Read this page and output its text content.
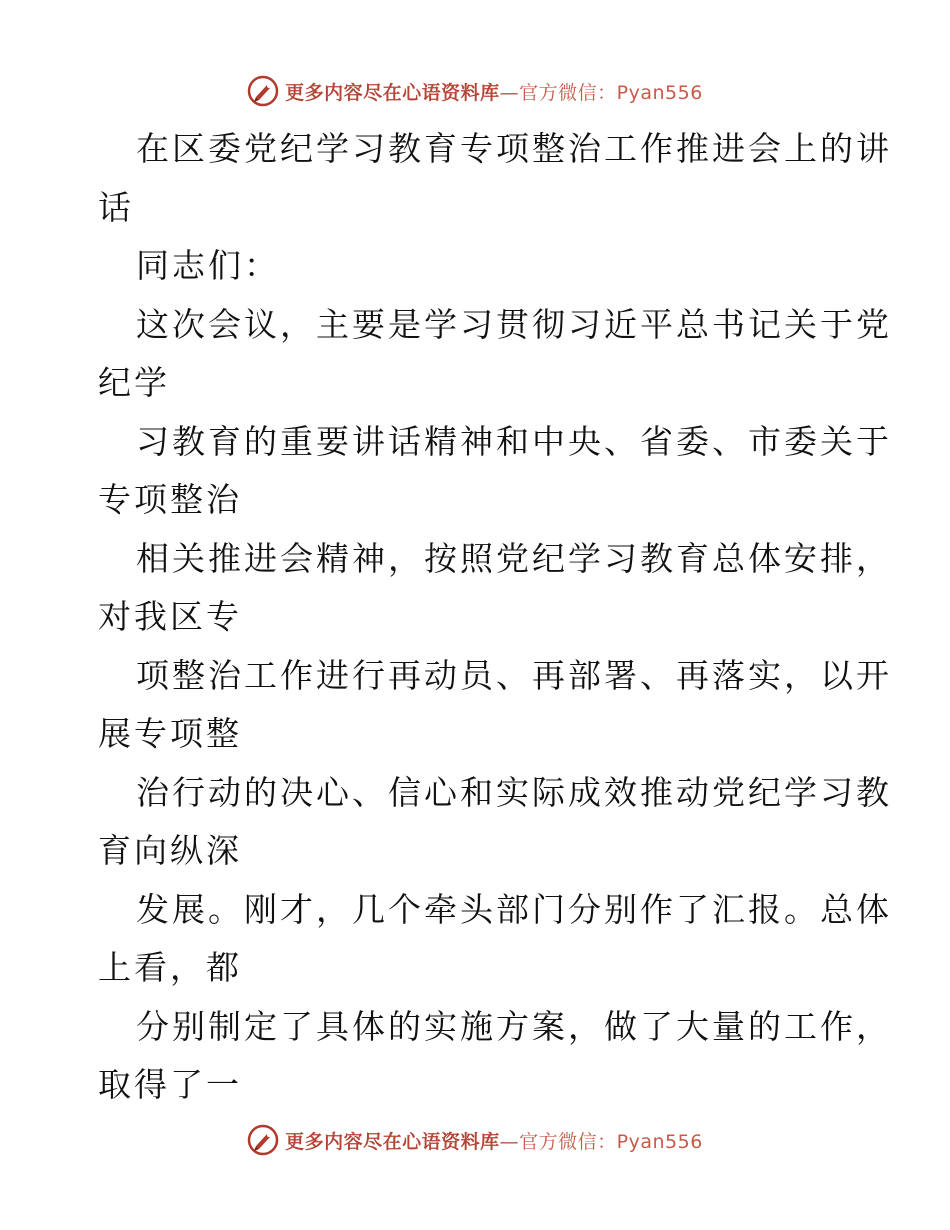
更多内容尽在心语资料库—官方微信：Pyan556
在区委党纪学习教育专项整治工作推进会上的讲
话
同志们：
这次会议，主要是学习贯彻习近平总书记关于党
纪学
习教育的重要讲话精神和中央、省委、市委关于
专项整治
相关推进会精神，按照党纪学习教育总体安排，
对我区专
项整治工作进行再动员、再部署、再落实，以开
展专项整
治行动的决心、信心和实际成效推动党纪学习教
育向纵深
发展。刚才，几个牵头部门分别作了汇报。总体
上看，都
分别制定了具体的实施方案，做了大量的工作，
取得了一
更多内容尽在心语资料库—官方微信：Pyan556
